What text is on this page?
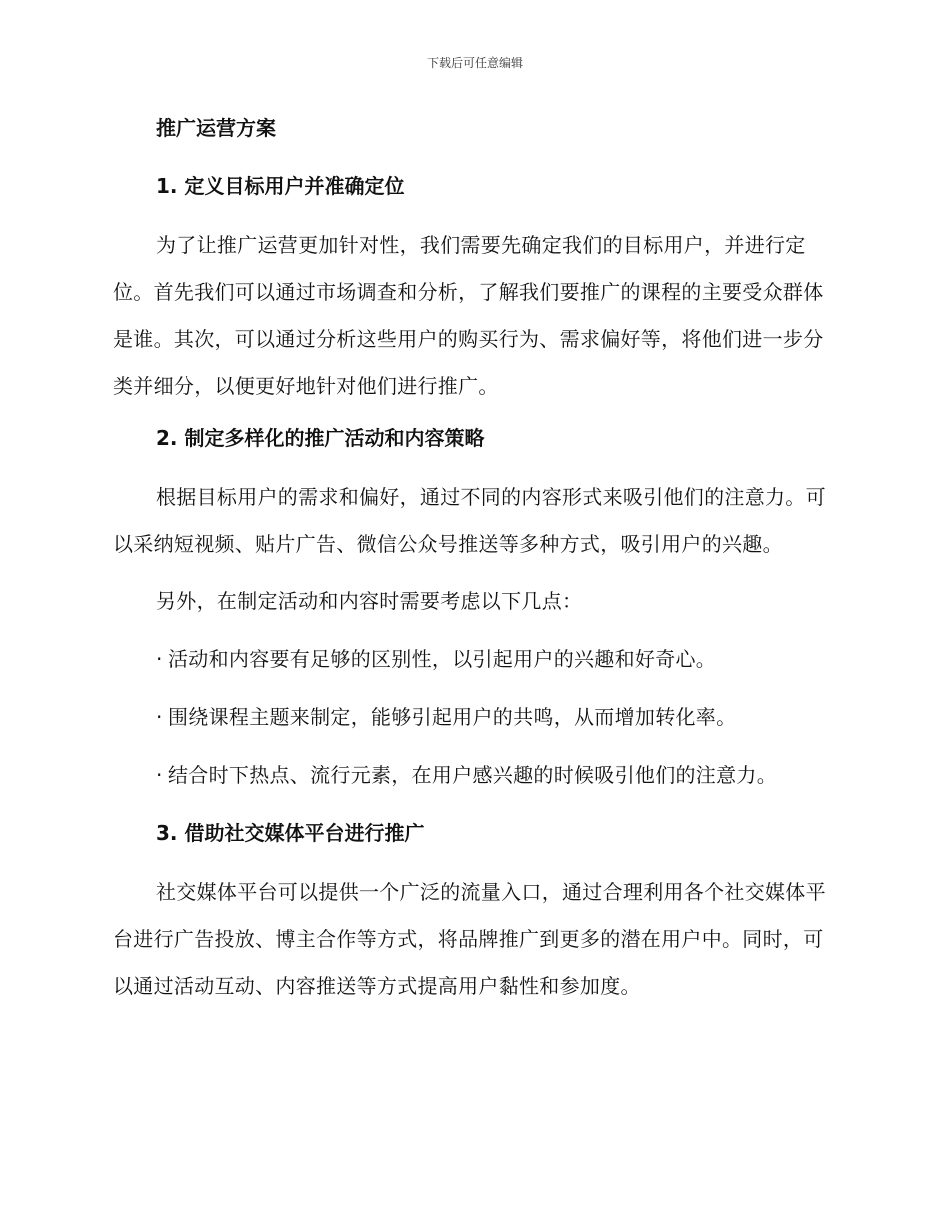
下载后可任意编辑
推广运营方案
1. 定义目标用户并准确定位

为了让推广运营更加针对性，我们需要先确定我们的目标用户，并进行定位。首先我们可以通过市场调查和分析，了解我们要推广的课程的主要受众群体是谁。其次，可以通过分析这些用户的购买行为、需求偏好等，将他们进一步分类并细分，以便更好地针对他们进行推广。

2. 制定多样化的推广活动和内容策略

根据目标用户的需求和偏好，通过不同的内容形式来吸引他们的注意力。可以采纳短视频、贴片广告、微信公众号推送等多种方式，吸引用户的兴趣。

另外，在制定活动和内容时需要考虑以下几点：

· 活动和内容要有足够的区别性，以引起用户的兴趣和好奇心。
· 围绕课程主题来制定，能够引起用户的共鸣，从而增加转化率。
· 结合时下热点、流行元素，在用户感兴趣的时候吸引他们的注意力。
3. 借助社交媒体平台进行推广

社交媒体平台可以提供一个广泛的流量入口，通过合理利用各个社交媒体平台进行广告投放、博主合作等方式，将品牌推广到更多的潜在用户中。同时，可以通过活动互动、内容推送等方式提高用户黏性和参加度。
